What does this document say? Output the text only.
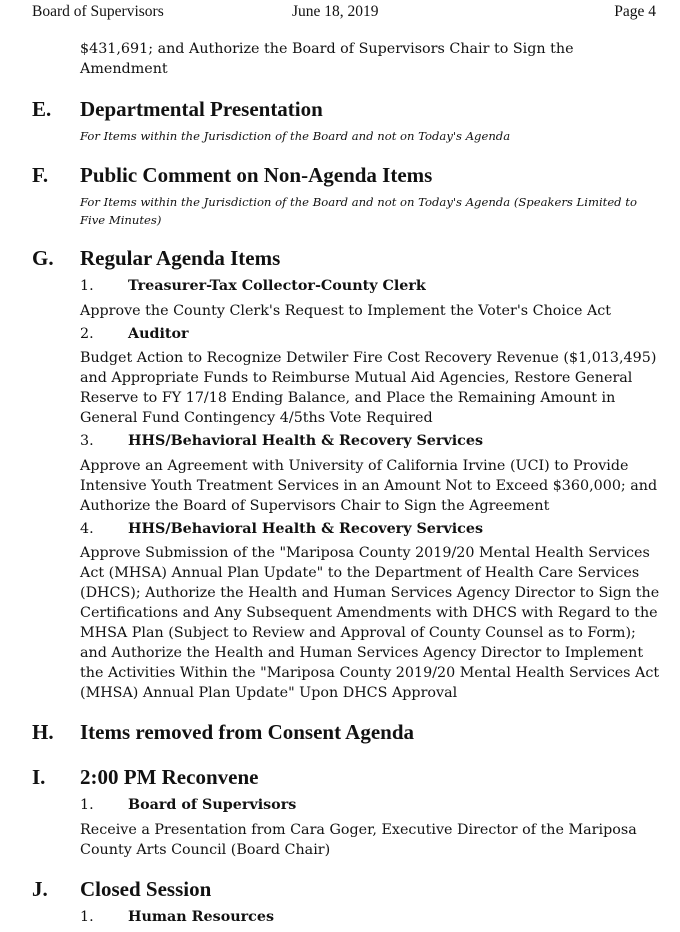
Board of Supervisors	June 18, 2019	Page 4
$431,691; and Authorize the Board of Supervisors Chair to Sign the
Amendment
E. Departmental Presentation
For Items within the Jurisdiction of the Board and not on Today's Agenda
F. Public Comment on Non-Agenda Items
For Items within the Jurisdiction of the Board and not on Today's Agenda (Speakers Limited to
Five Minutes)
G. Regular Agenda Items
1. Treasurer-Tax Collector-County Clerk
Approve the County Clerk's Request to Implement the Voter's Choice Act
2. Auditor
Budget Action to Recognize Detwiler Fire Cost Recovery Revenue ($1,013,495)
and Appropriate Funds to Reimburse Mutual Aid Agencies, Restore General
Reserve to FY 17/18 Ending Balance, and Place the Remaining Amount in
General Fund Contingency 4/5ths Vote Required
3. HHS/Behavioral Health & Recovery Services
Approve an Agreement with University of California Irvine (UCI) to Provide
Intensive Youth Treatment Services in an Amount Not to Exceed $360,000; and
Authorize the Board of Supervisors Chair to Sign the Agreement
4. HHS/Behavioral Health & Recovery Services
Approve Submission of the "Mariposa County 2019/20 Mental Health Services
Act (MHSA) Annual Plan Update" to the Department of Health Care Services
(DHCS); Authorize the Health and Human Services Agency Director to Sign the
Certifications and Any Subsequent Amendments with DHCS with Regard to the
MHSA Plan (Subject to Review and Approval of County Counsel as to Form);
and Authorize the Health and Human Services Agency Director to Implement
the Activities Within the "Mariposa County 2019/20 Mental Health Services Act
(MHSA) Annual Plan Update" Upon DHCS Approval
H. Items removed from Consent Agenda
I. 2:00 PM Reconvene
1. Board of Supervisors
Receive a Presentation from Cara Goger, Executive Director of the Mariposa
County Arts Council (Board Chair)
J. Closed Session
1. Human Resources
